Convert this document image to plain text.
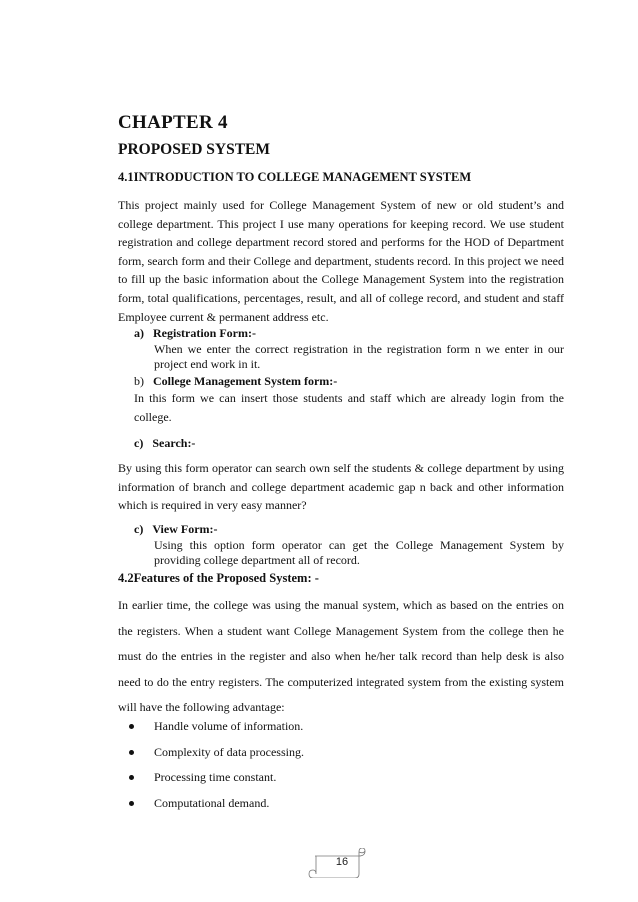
CHAPTER 4
PROPOSED SYSTEM
4.1INTRODUCTION TO COLLEGE MANAGEMENT SYSTEM
This project mainly used for College Management System of new or old student’s and college department. This project I use many operations for keeping record. We use student registration and college department record stored and performs for the HOD of Department form, search form and their College and department, students record. In this project we need to fill up the basic information about the College Management System into the registration form, total qualifications, percentages, result, and all of college record, and student and staff Employee current & permanent address etc.
a) Registration Form:-
When we enter the correct registration in the registration form n we enter in our project end work in it.
b) College Management System form:-
In this form we can insert those students and staff which are already login from the college.
c) Search:-
By using this form operator can search own self the students & college department by using information of branch and college department academic gap n back and other information which is required in very easy manner?
c) View Form:-
Using this option form operator can get the College Management System by providing college department all of record.
4.2Features of the Proposed System: -
In earlier time, the college was using the manual system, which as based on the entries on the registers. When a student want College Management System from the college then he must do the entries in the register and also when he/her talk record than help desk is also need to do the entry registers. The computerized integrated system from the existing system will have the following advantage:
Handle volume of information.
Complexity of data processing.
Processing time constant.
Computational demand.
16
